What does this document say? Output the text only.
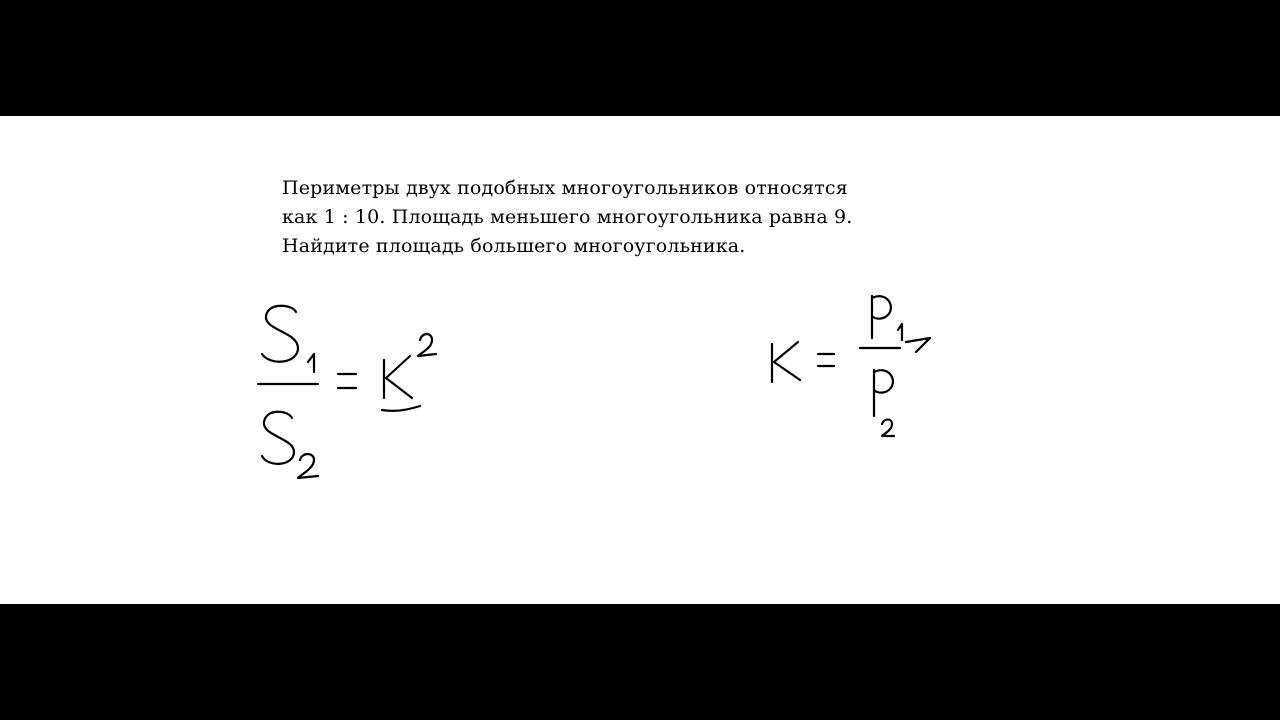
Периметры двух подобных многоугольников относятся
как 1 : 10. Площадь меньшего многоугольника равна 9.
Найдите площадь большего многоугольника.
